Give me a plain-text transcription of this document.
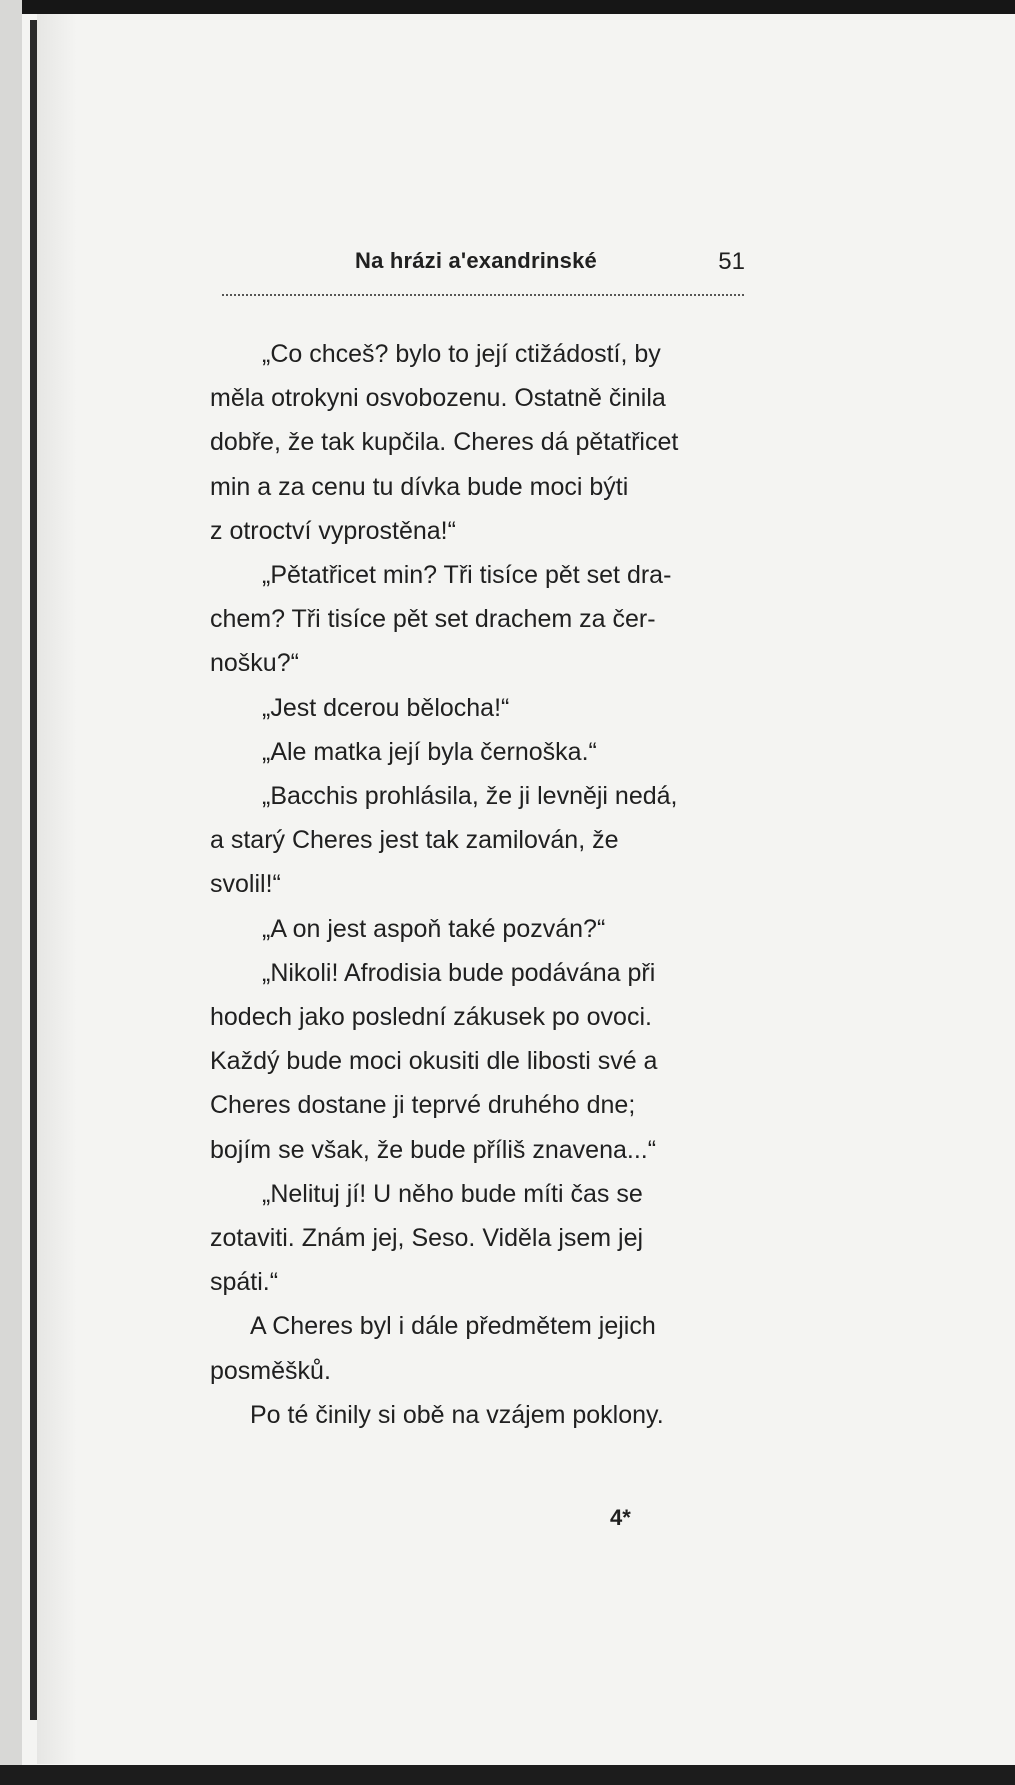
Na hrázi a'exandrinské	51
„Co chceš? bylo to její ctižádostí, by
měla otrokyni osvobozenu. Ostatně činila
dobře, že tak kupčila. Cheres dá pětatřicet
min a za cenu tu dívka bude moci býti
z otroctví vyprostěna!“
„Pětatřicet min? Tři tisíce pět set dra-
chem? Tři tisíce pět set drachem za čer-
nošku?“
„Jest dcerou bělocha!“
„Ale matka její byla černoška.“
„Bacchis prohlásila, že ji levněji nedá,
a starý Cheres jest tak zamilován, že
svolil!“
„A on jest aspoň také pozván?“
„Nikoli! Afrodisia bude podávána při
hodech jako poslední zákusek po ovoci.
Každý bude moci okusiti dle libosti své a
Cheres dostane ji teprvé druhého dne;
bojím se však, že bude příliš znavena...“
„Nelituj jí! U něho bude míti čas se
zotaviti. Znám jej, Seso. Viděla jsem jej
spáti.“
A Cheres byl i dále předmětem jejich
posměšků.
Po té činily si obě na vzájem poklony.
4*
